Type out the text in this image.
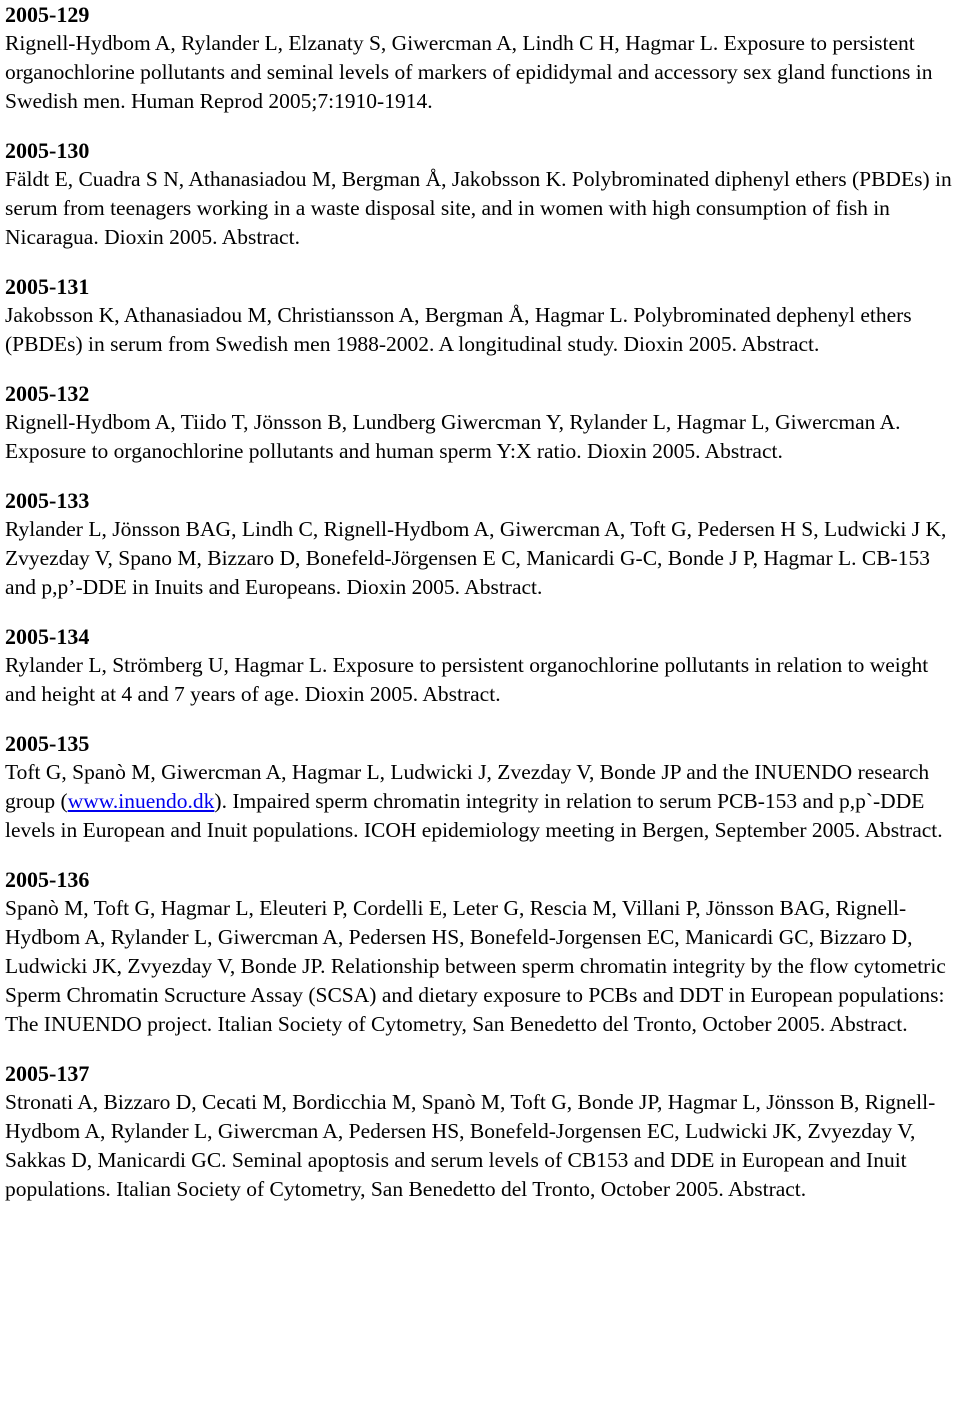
2005-129

Rignell-Hydbom A, Rylander L, Elzanaty S, Giwercman A, Lindh C H, Hagmar L. Exposure to persistent organochlorine pollutants and seminal levels of markers of epididymal and accessory sex gland functions in Swedish men. Human Reprod 2005;7:1910-1914.

2005-130

Fäldt E, Cuadra S N, Athanasiadou M, Bergman Å, Jakobsson K. Polybrominated diphenyl ethers (PBDEs) in serum from teenagers working in a waste disposal site, and in women with high consumption of fish in Nicaragua. Dioxin 2005. Abstract.

2005-131

Jakobsson K, Athanasiadou M, Christiansson A, Bergman Å, Hagmar L. Polybrominated dephenyl ethers (PBDEs) in serum from Swedish men 1988-2002. A longitudinal study. Dioxin 2005. Abstract.

2005-132

Rignell-Hydbom A, Tiido T, Jönsson B, Lundberg Giwercman Y, Rylander L, Hagmar L, Giwercman A. Exposure to organochlorine pollutants and human sperm Y:X ratio. Dioxin 2005. Abstract.

2005-133

Rylander L, Jönsson BAG, Lindh C, Rignell-Hydbom A, Giwercman A, Toft G, Pedersen H S, Ludwicki J K, Zvyezday V, Spano M, Bizzaro D, Bonefeld-Jörgensen E C, Manicardi G-C, Bonde J P, Hagmar L. CB-153 and p,p’-DDE in Inuits and Europeans. Dioxin 2005. Abstract.

2005-134

Rylander L, Strömberg U, Hagmar L. Exposure to persistent organochlorine pollutants in relation to weight and height at 4 and 7 years of age. Dioxin 2005. Abstract.

2005-135

Toft G, Spanò M, Giwercman A, Hagmar L, Ludwicki J, Zvezday V, Bonde JP and the INUENDO research group (www.inuendo.dk). Impaired sperm chromatin integrity in relation to serum PCB-153 and p,p`-DDE levels in European and Inuit populations. ICOH epidemiology meeting in Bergen, September 2005. Abstract.

2005-136

Spanò M, Toft G, Hagmar L, Eleuteri P, Cordelli E, Leter G, Rescia M, Villani P, Jönsson BAG, Rignell-Hydbom A, Rylander L, Giwercman A, Pedersen HS, Bonefeld-Jorgensen EC, Manicardi GC, Bizzaro D, Ludwicki JK, Zvyezday V, Bonde JP. Relationship between sperm chromatin integrity by the flow cytometric Sperm Chromatin Scructure Assay (SCSA) and dietary exposure to PCBs and DDT in European populations: The INUENDO project. Italian Society of Cytometry, San Benedetto del Tronto, October 2005. Abstract.

2005-137

Stronati A, Bizzaro D, Cecati M, Bordicchia M, Spanò M, Toft G, Bonde JP, Hagmar L, Jönsson B, Rignell-Hydbom A, Rylander L, Giwercman A, Pedersen HS, Bonefeld-Jorgensen EC, Ludwicki JK, Zvyezday V, Sakkas D, Manicardi GC. Seminal apoptosis and serum levels of CB153 and DDE in European and Inuit populations. Italian Society of Cytometry, San Benedetto del Tronto, October 2005. Abstract.
